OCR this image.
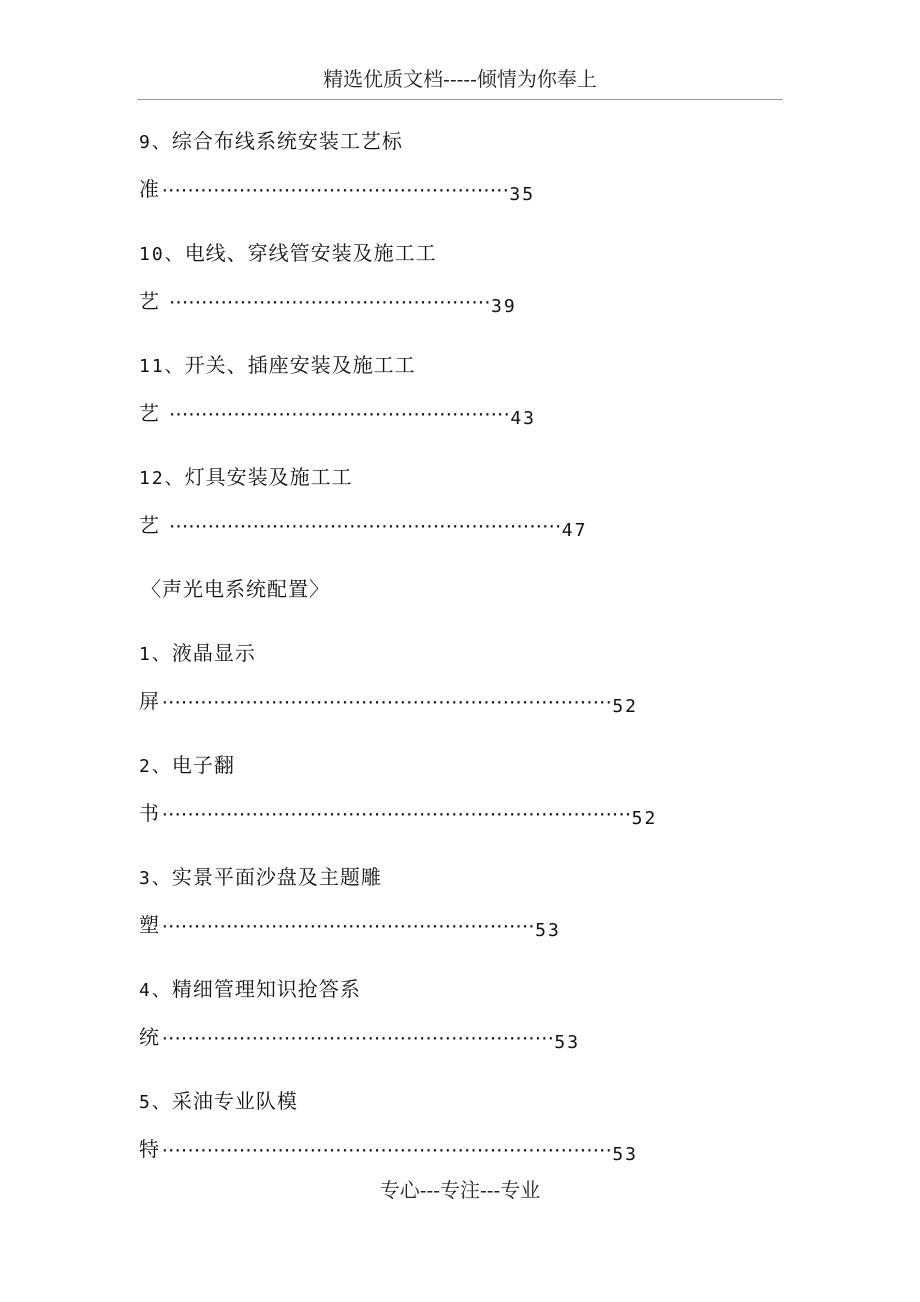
精选优质文档-----倾情为你奉上
9、综合布线系统安装工艺标
准······················································ 35
10、电线、穿线管安装及施工工
艺 ·················································· 39
11、开关、插座安装及施工工
艺 ····················································· 43
12、灯具安装及施工工
艺 ····························································· 47
〈声光电系统配置〉
1、液晶显示
屏······································································ 52
2、电子翻
书········································································· 52
3、实景平面沙盘及主题雕
塑·························································· 53
4、精细管理知识抢答系
统····························································· 53
5、采油专业队模
特······································································ 53
专心---专注---专业
